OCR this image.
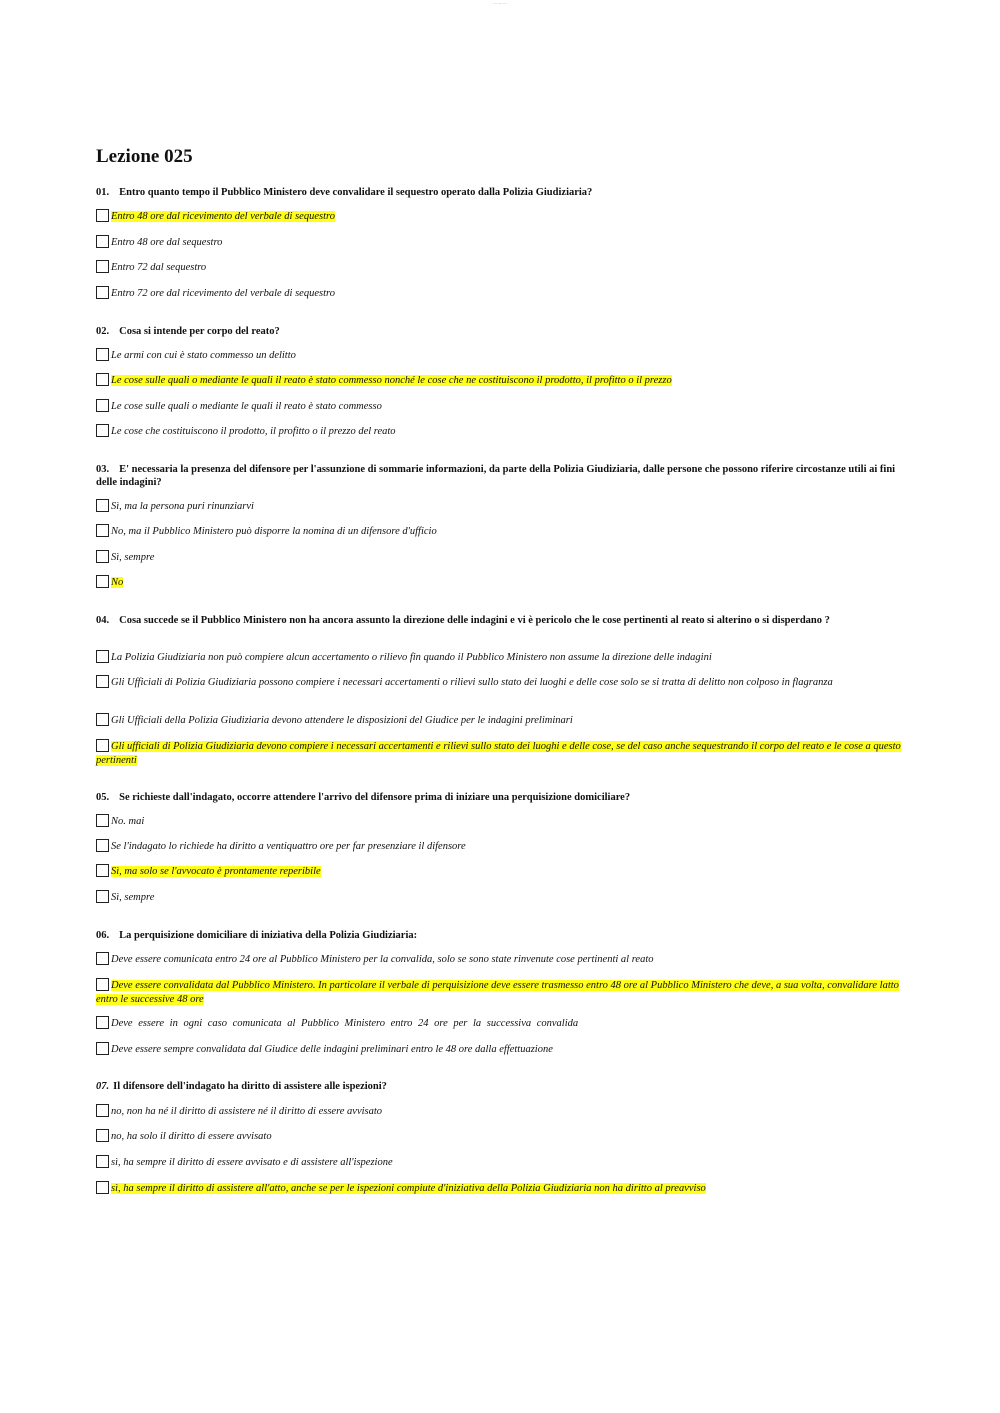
— — —
Lezione 025
01. Entro quanto tempo il Pubblico Ministero deve convalidare il sequestro operato dalla Polizia Giudiziaria?
Entro 48 ore dal ricevimento del verbale di sequestro
Entro 48 ore dal sequestro
Entro 72 dal sequestro
Entro 72 ore dal ricevimento del verbale di sequestro
02. Cosa si intende per corpo del reato?
Le armi con cui è stato commesso un delitto
Le cose sulle quali o mediante le quali il reato è stato commesso nonché le cose che ne costituiscono il prodotto, il profitto o il prezzo
Le cose sulle quali o mediante le quali il reato è stato commesso
Le cose che costituiscono il prodotto, il profitto o il prezzo del reato
03. E' necessaria la presenza del difensore per l'assunzione di sommarie informazioni, da parte della Polizia Giudiziaria, dalle persone che possono riferire circostanze utili ai fini delle indagini?
Sì, ma la persona puri rinunziarvi
No, ma il Pubblico Ministero può disporre la nomina di un difensore d'ufficio
Sì, sempre
No
04. Cosa succede se il Pubblico Ministero non ha ancora assunto la direzione delle indagini e vi è pericolo che le cose pertinenti al reato si alterino o si disperdano ?
La Polizia Giudiziaria non può compiere alcun accertamento o rilievo fin quando il Pubblico Ministero non assume la direzione delle indagini
Gli Ufficiali di Polizia Giudiziaria possono compiere i necessari accertamenti o rilievi sullo stato dei luoghi e delle cose solo se si tratta di delitto non colposo in flagranza
Gli Ufficiali della Polizia Giudiziaria devono attendere le disposizioni del Giudice per le indagini preliminari
Gli ufficiali di Polizia Giudiziaria devono compiere i necessari accertamenti e rilievi sullo stato dei luoghi e delle cose, se del caso anche sequestrando il corpo del reato e le cose a questo pertinenti
05. Se richieste dall'indagato, occorre attendere l'arrivo del difensore prima di iniziare una perquisizione domiciliare?
No. mai
Se l'indagato lo richiede ha diritto a ventiquattro ore per far presenziare il difensore
Sì, ma solo se l'avvocato è prontamente reperibile
Sì, sempre
06. La perquisizione domiciliare di iniziativa della Polizia Giudiziaria:
Deve essere comunicata entro 24 ore al Pubblico Ministero per la convalida, solo se sono state rinvenute cose pertinenti al reato
Deve essere convalidata dal Pubblico Ministero. In particolare il verbale di perquisizione deve essere trasmesso entro 48 ore al Pubblico Ministero che deve, a sua volta, convalidare latto entro le successive 48 ore
Deve essere in ogni caso comunicata al Pubblico Ministero entro 24 ore per la successiva convalida
Deve essere sempre convalidata dal Giudice delle indagini preliminari entro le 48 ore dalla effettuazione
07. Il difensore dell'indagato ha diritto di assistere alle ispezioni?
no, non ha né il diritto di assistere né il diritto di essere avvisato
no, ha solo il diritto di essere avvisato
sì, ha sempre il diritto di essere avvisato e di assistere all'ispezione
sì, ha sempre il diritto di assistere all'atto, anche se per le ispezioni compiute d'iniziativa della Polizia Giudiziaria non ha diritto al preavviso
